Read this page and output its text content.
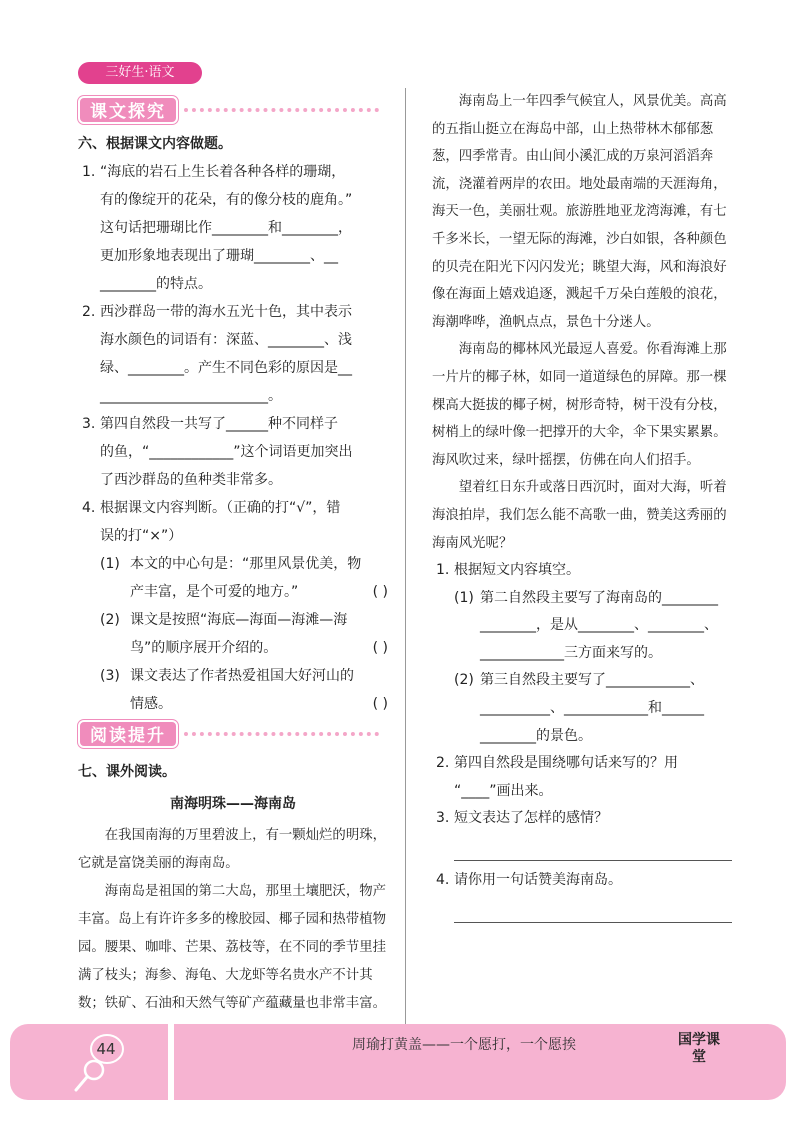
三好生·语文
课文探究
六、根据课文内容做题。
1. “海底的岩石上生长着各种各样的珊瑚，
有的像绽开的花朵，有的像分枝的鹿角。”
这句话把珊瑚比作________和________，
更加形象地表现出了珊瑚________、__
________的特点。
2. 西沙群岛一带的海水五光十色，其中表示
海水颜色的词语有：深蓝、________、浅
绿、________。产生不同色彩的原因是__
________________________。
3. 第四自然段一共写了______种不同样子
的鱼，“____________”这个词语更加突出
了西沙群岛的鱼种类非常多。
4. 根据课文内容判断。（正确的打“√”，错
误的打“×”）
(1) 本文的中心句是：“那里风景优美，物
产丰富，是个可爱的地方。”	( )
(2) 课文是按照“海底—海面—海滩—海
鸟”的顺序展开介绍的。	( )
(3) 课文表达了作者热爱祖国大好河山的
情感。	( )
阅读提升
七、课外阅读。
南海明珠——海南岛
在我国南海的万里碧波上，有一颗灿烂的明珠，它就是富饶美丽的海南岛。
海南岛是祖国的第二大岛，那里土壤肥沃，物产丰富。岛上有许许多多的橡胶园、椰子园和热带植物园。腰果、咖啡、芒果、荔枝等，在不同的季节里挂满了枝头；海参、海龟、大龙虾等名贵水产不计其数；铁矿、石油和天然气等矿产蕴藏量也非常丰富。
海南岛上一年四季气候宜人，风景优美。高高的五指山挺立在海岛中部，山上热带林木郁郁葱葱，四季常青。由山间小溪汇成的万泉河滔滔奔流，浇灌着两岸的农田。地处最南端的天涯海角，海天一色，美丽壮观。旅游胜地亚龙湾海滩，有七千多米长，一望无际的海滩，沙白如银，各种颜色的贝壳在阳光下闪闪发光；眺望大海，风和海浪好像在海面上嬉戏追逐，溅起千万朵白莲般的浪花，海潮哗哗，渔帆点点，景色十分迷人。
海南岛的椰林风光最逗人喜爱。你看海滩上那一片片的椰子林，如同一道道绿色的屏障。那一棵棵高大挺拔的椰子树，树形奇特，树干没有分枝，树梢上的绿叶像一把撑开的大伞，伞下果实累累。海风吹过来，绿叶摇摆，仿佛在向人们招手。
望着红日东升或落日西沉时，面对大海，听着海浪拍岸，我们怎么能不高歌一曲，赞美这秀丽的海南风光呢？
1. 根据短文内容填空。
(1) 第二自然段主要写了海南岛的________
________，是从________、________、
____________三方面来写的。
(2) 第三自然段主要写了____________、
__________、____________和______
________的景色。
2. 第四自然段是围绕哪句话来写的？用
“____”画出来。
3. 短文表达了怎样的感情？
4. 请你用一句话赞美海南岛。
44	周瑜打黄盖——一个愿打，一个愿挨	国学课堂
